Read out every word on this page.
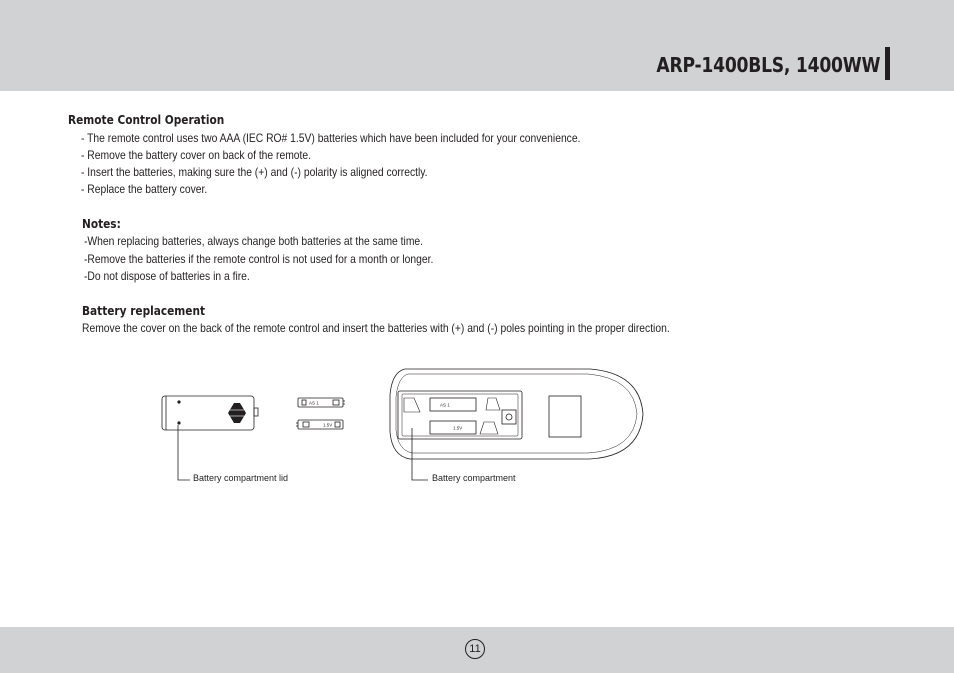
ARP-1400BLS, 1400WW
Remote Control Operation
- The remote control uses two AAA (IEC RO# 1.5V) batteries which have been included for your convenience.
- Remove the battery cover on back of the remote.
- Insert the batteries, making sure the (+) and (-) polarity is aligned correctly.
- Replace the battery cover.
Notes:
-When replacing batteries, always change both batteries at the same time.
-Remove the batteries if the remote control is not used for a month or longer.
-Do not dispose of batteries in a fire.
Battery replacement
Remove the cover on the back of the remote control and insert the batteries with (+) and (-) poles pointing in the proper direction.
AS 1
1.5V
AS 1
1.5V
Battery compartment lid	Battery compartment
11
